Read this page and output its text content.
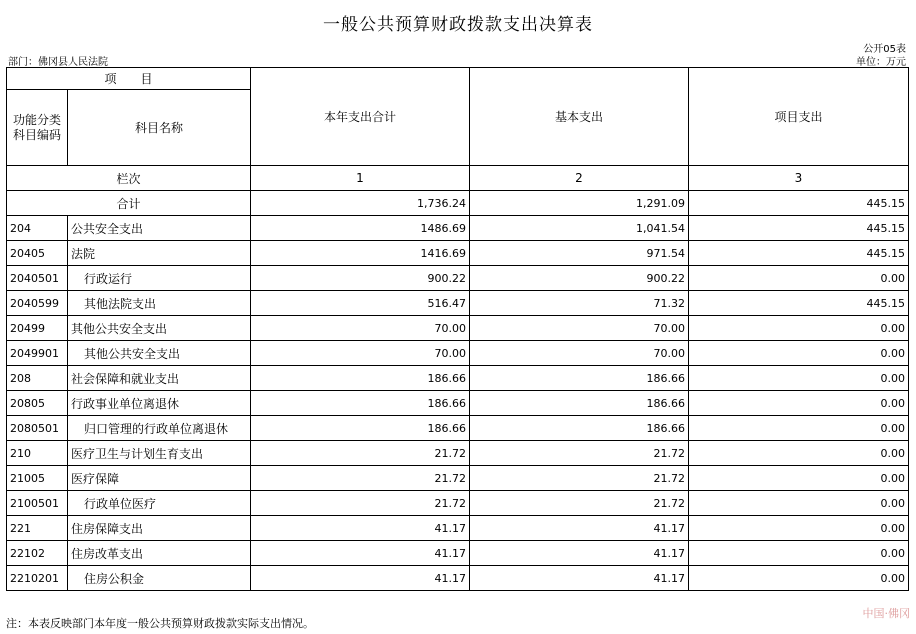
一般公共预算财政拨款支出决算表
公开05表
部门：佛冈县人民法院	单位：万元
项　　目		本年支出合计	基本支出	项目支出

功能分类
科目编码	科目名称			
栏次		1	2	3
合计		1,736.24	1,291.09	445.15
204	公共安全支出	1486.69	1,041.54	445.15
20405	法院	1416.69	971.54	445.15
2040501	行政运行	900.22	900.22	0.00
2040599	其他法院支出	516.47	71.32	445.15
20499	其他公共安全支出	70.00	70.00	0.00
2049901	其他公共安全支出	70.00	70.00	0.00
208	社会保障和就业支出	186.66	186.66	0.00
20805	行政事业单位离退休	186.66	186.66	0.00
2080501	归口管理的行政单位离退休	186.66	186.66	0.00
210	医疗卫生与计划生育支出	21.72	21.72	0.00
21005	医疗保障	21.72	21.72	0.00
2100501	行政单位医疗	21.72	21.72	0.00
221	住房保障支出	41.17	41.17	0.00
22102	住房改革支出	41.17	41.17	0.00
2210201	住房公积金	41.17	41.17	0.00
注：本表反映部门本年度一般公共预算财政拨款实际支出情况。
中国·佛冈
